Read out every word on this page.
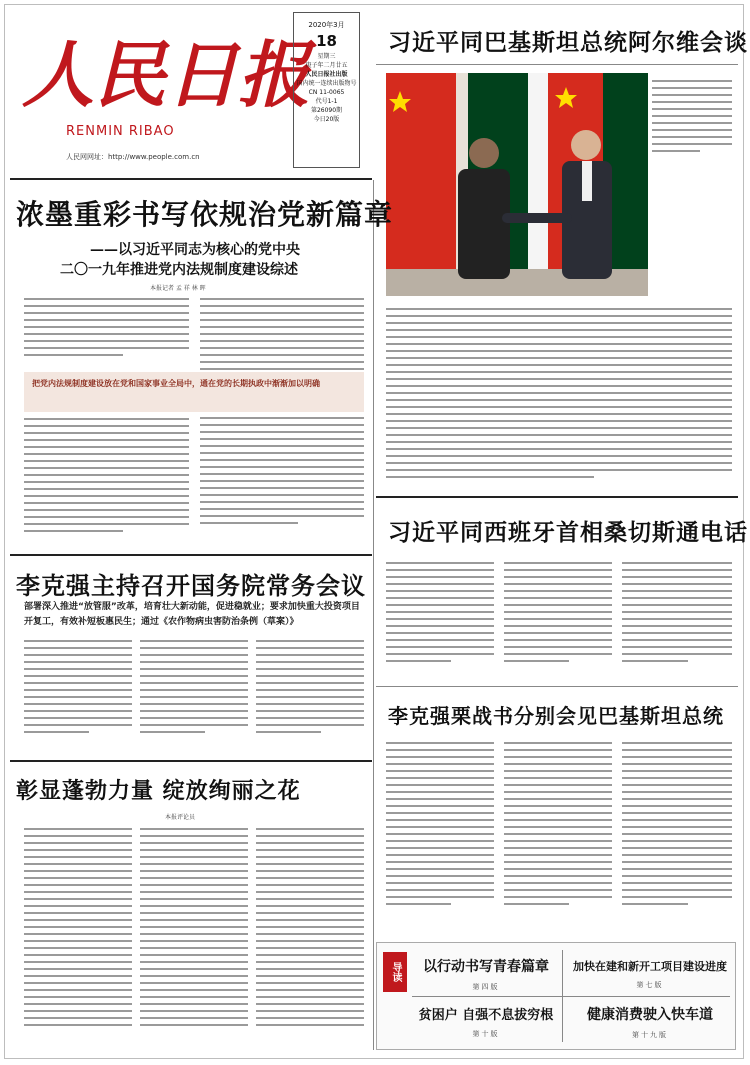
人民日报
RENMIN RIBAO
人民网网址：http://www.people.com.cn
2020年3月
18
星期三
庚子年二月廿五
人民日报社出版
国内统一连续出版物号
CN 11-0065
代号1-1
第26090期
今日20版
习近平同巴基斯坦总统阿尔维会谈
浓墨重彩书写依规治党新篇章
——以习近平同志为核心的党中央
二〇一九年推进党内法规制度建设综述
本报记者 孟 祥 林 晖
把党内法规制度建设放在党和国家事业全局中，通在党的长期执政中渐渐加以明确
李克强主持召开国务院常务会议
部署深入推进“放管服”改革，培育壮大新动能，促进稳就业；要求加快重大投资项目开复工，有效补短板惠民生；通过《农作物病虫害防治条例（草案）》
彰显蓬勃力量 绽放绚丽之花
本报评论员
习近平同西班牙首相桑切斯通电话
李克强栗战书分别会见巴基斯坦总统
导读	以行动书写青春篇章
第四版
加快在建和新开工项目建设进度
第七版
贫困户 自强不息拔穷根
第十版
健康消费驶入快车道
第十九版
